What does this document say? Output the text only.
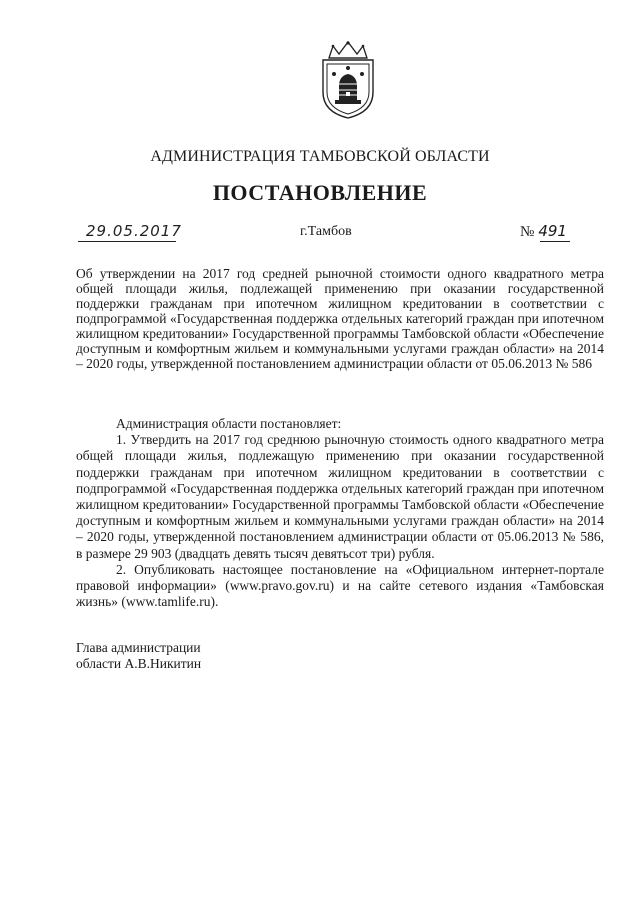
АДМИНИСТРАЦИЯ ТАМБОВСКОЙ ОБЛАСТИ
ПОСТАНОВЛЕНИЕ
29.05.2017	г.Тамбов	№ 491
Об утверждении на 2017 год средней рыночной стоимости одного квадратного метра общей площади жилья, подлежащей применению при оказании государственной поддержки гражданам при ипотечном жилищном кредитовании в соответствии с подпрограммой «Государственная поддержка отдельных категорий граждан при ипотечном жилищном кредитовании» Государственной программы Тамбовской области «Обеспечение доступным и комфортным жильем и коммунальными услугами граждан области» на 2014 – 2020 годы, утвержденной постановлением администрации области от 05.06.2013 № 586

Администрация области постановляет:

1. Утвердить на 2017 год среднюю рыночную стоимость одного квадратного метра общей площади жилья, подлежащую применению при оказании государственной поддержки гражданам при ипотечном жилищном кредитовании в соответствии с подпрограммой «Государственная поддержка отдельных категорий граждан при ипотечном жилищном кредитовании» Государственной программы Тамбовской области «Обеспечение доступным и комфортным жильем и коммунальными услугами граждан области» на 2014 – 2020 годы, утвержденной постановлением администрации области от 05.06.2013 № 586, в размере 29 903 (двадцать девять тысяч девятьсот три) рубля.

2. Опубликовать настоящее постановление на «Официальном интернет-портале правовой информации» (www.pravo.gov.ru) и на сайте сетевого издания «Тамбовская жизнь» (www.tamlife.ru).

Глава администрации
области А.В.Никитин
